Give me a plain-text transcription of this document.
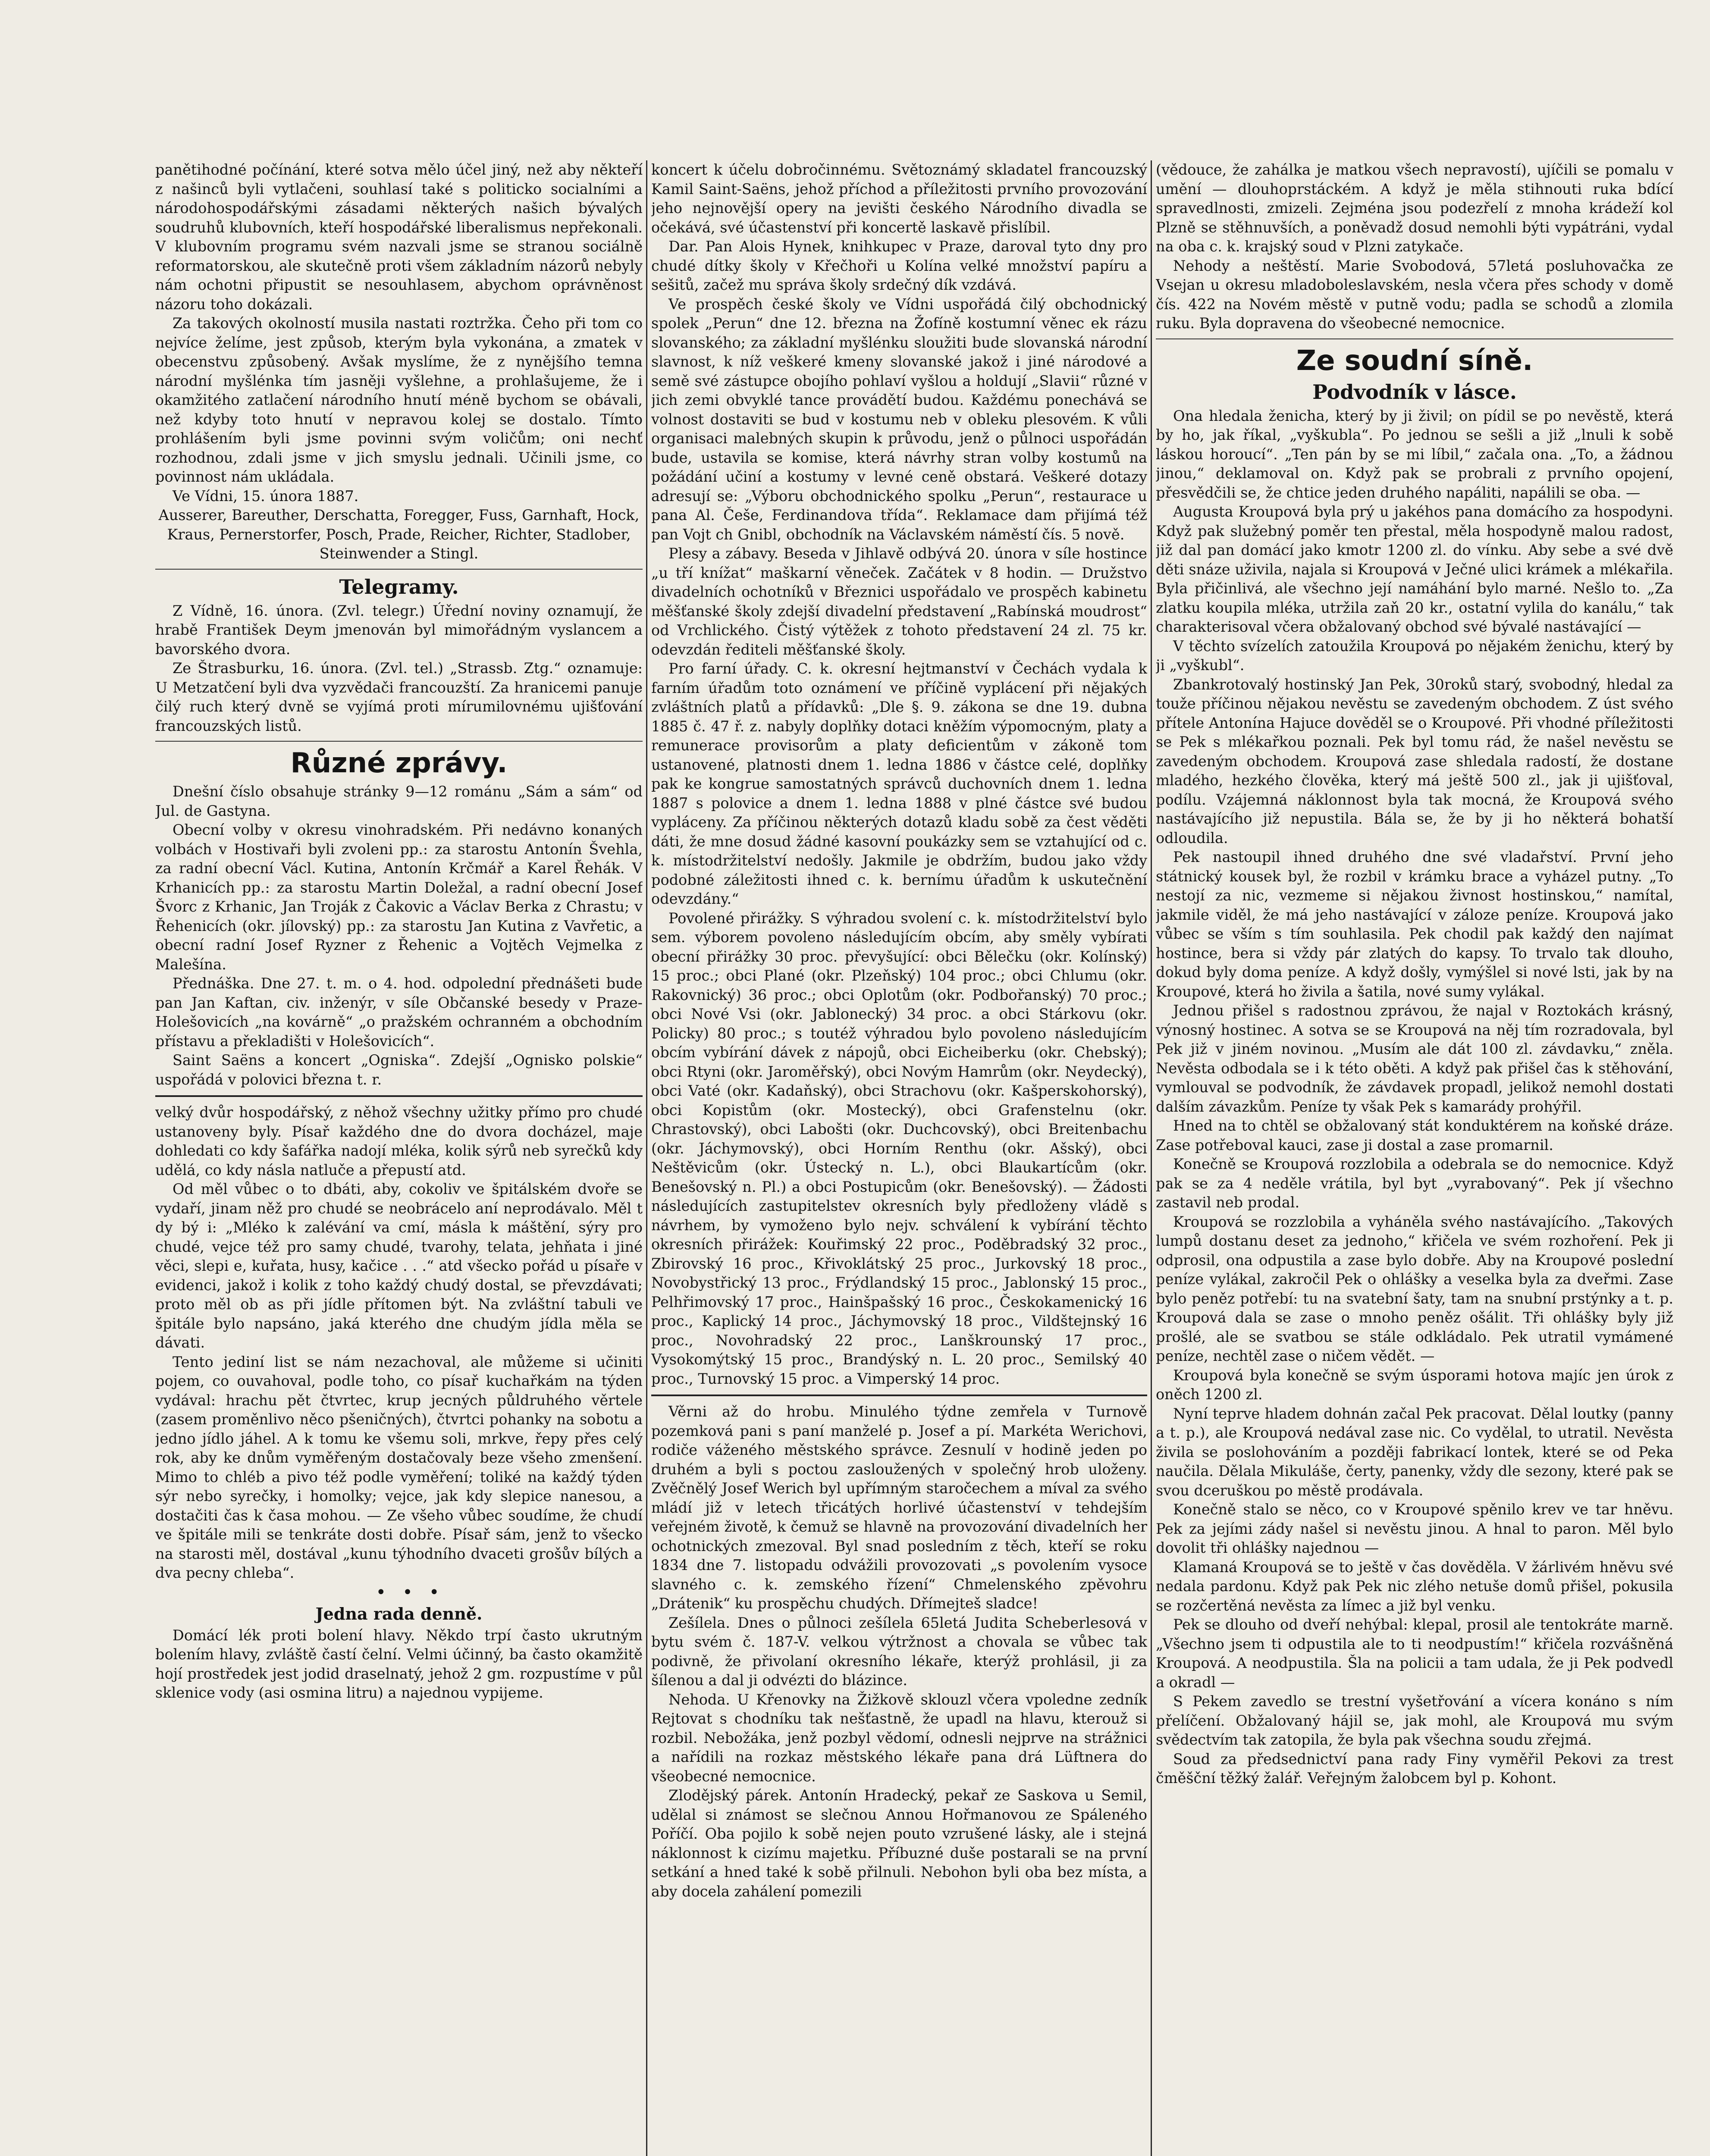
panětihodné počínání, které sotva mělo účel jiný, než aby někteří z našinců byli vytlačeni, souhlasí také s politicko socialními a národohospodářskými zásadami některých našich bývalých soudruhů klubovních, kteří hospodářské liberalismus nepřekonali. V klubovním programu svém nazvali jsme se stranou sociálně reformatorskou, ale skutečně proti všem základním názorů nebyly nám ochotni připustit se nesouhlasem, abychom oprávněnost názoru toho dokázali.

Za takových okolností musila nastati roztržka. Čeho při tom co nejvíce želíme, jest způsob, kterým byla vykonána, a zmatek v obecenstvu způsobený. Avšak myslíme, že z nynějšího temna národní myšlénka tím jasněji vyšlehne, a prohlašujeme, že i okamžitého zatlačení národního hnutí méně bychom se obávali, než kdyby toto hnutí v nepravou kolej se dostalo. Tímto prohlášením byli jsme povinni svým voličům; oni nechť rozhodnou, zdali jsme v jich smyslu jednali. Učinili jsme, co povinnost nám ukládala.

Ve Vídni, 15. února 1887.

Ausserer, Bareuther, Derschatta, Foregger, Fuss, Garnhaft, Hock, Kraus, Pernerstorfer, Posch, Prade, Reicher, Richter, Stadlober, Steinwender a Stingl.

Telegramy.

Z Vídně, 16. února. (Zvl. telegr.) Úřední noviny oznamují, že hrabě František Deym jmenován byl mimořádným vyslancem a bavorského dvora.

Ze Štrasburku, 16. února. (Zvl. tel.) „Strassb. Ztg.“ oznamuje: U Metzatčení byli dva vyzvědači francouzští. Za hranicemi panuje čilý ruch který dvně se vyjímá proti mírumilovnému ujišťování francouzských listů.

Různé zprávy.

Dnešní číslo obsahuje stránky 9—12 románu „Sám a sám“ od Jul. de Gastyna.

Obecní volby v okresu vinohradském. Při nedávno konaných volbách v Hostivaři byli zvoleni pp.: za starostu Antonín Švehla, za radní obecní Václ. Kutina, Antonín Krčmář a Karel Řehák. V Krhanicích pp.: za starostu Martin Doležal, a radní obecní Josef Švorc z Krhanic, Jan Troják z Čakovic a Václav Berka z Chrastu; v Řehenicích (okr. jílovský) pp.: za starostu Jan Kutina z Vavřetic, a obecní radní Josef Ryzner z Řehenic a Vojtěch Vejmelka z Malešína.

Přednáška. Dne 27. t. m. o 4. hod. odpolední přednášeti bude pan Jan Kaftan, civ. inženýr, v síle Občanské besedy v Praze-Holešovicích „na kovárně“ „o pražském ochranném a obchodním přístavu a překladišti v Holešovicích“.

Saint Saëns a koncert „Ogniska“. Zdejší „Ognisko polskie“ uspořádá v polovici března t. r.

velký dvůr hospodářský, z něhož všechny užitky přímo pro chudé ustanoveny byly. Písař každého dne do dvora docházel, maje dohledati co kdy šafářka nadojí mléka, kolik sýrů neb syrečků kdy udělá, co kdy násla natluče a přepustí atd.

Od měl vůbec o to dbáti, aby, cokoliv ve špitálském dvoře se vydaří, jinam něž pro chudé se neobrácelo aní neprodávalo. Měl t dy bý i: „Mléko k zalévání va cmí, másla k máštění, sýry pro chudé, vejce též pro samy chudé, tvarohy, telata, jehňata i jiné věci, slepi e, kuřata, husy, kačice . . .“ atd všecko pořád u písaře v evidenci, jakož i kolik z toho každý chudý dostal, se převzdávati; proto měl ob as při jídle přítomen být. Na zvláštní tabuli ve špitále bylo napsáno, jaká kterého dne chudým jídla měla se dávati.

Tento jediní list se nám nezachoval, ale můžeme si učiniti pojem, co ouvahoval, podle toho, co písař kuchařkám na týden vydával: hrachu pět čtvrtec, krup jecných půldruhého věrtele (zasem proměnlivo něco pšeničných), čtvrtci pohanky na sobotu a jedno jídlo jáhel. A k tomu ke všemu soli, mrkve, řepy přes celý rok, aby ke dnům vyměřeným dostačovaly beze všeho zmenšení. Mimo to chléb a pivo též podle vyměření; toliké na každý týden sýr nebo syrečky, i homolky; vejce, jak kdy slepice nanesou, a dostačiti čas k časa mohou. — Ze všeho vůbec soudíme, že chudí ve špitále mili se tenkráte dosti dobře. Písař sám, jenž to všecko na starosti měl, dostával „kunu týhodního dvaceti grošův bílých a dva pecny chleba“.

•   •   •

Jedna rada denně.

Domácí lék proti bolení hlavy. Někdo trpí často ukrutným bolením hlavy, zvláště častí čelní. Velmi účinný, ba často okamžitě hojí prostředek jest jodid draselnatý, jehož 2 gm. rozpustíme v půl sklenice vody (asi osmina litru) a najednou vypijeme.

koncert k účelu dobročinnému. Světoznámý skladatel francouzský Kamil Saint-Saëns, jehož příchod a příležitosti prvního provozování jeho nejnovější opery na jevišti českého Národního divadla se očekává, své účastenství při koncertě laskavě přislíbil.

Dar. Pan Alois Hynek, knihkupec v Praze, daroval tyto dny pro chudé dítky školy v Křečhoři u Kolína velké množství papíru a sešitů, začež mu správa školy srdečný dík vzdává.

Ve prospěch české školy ve Vídni uspořádá čilý obchodnický spolek „Perun“ dne 12. března na Žofíně kostumní věnec ek rázu slovanského; za základní myšlénku sloužiti bude slovanská národní slavnost, k níž veškeré kmeny slovanské jakož i jiné národové a semě své zástupce obojího pohlaví vyšlou a holdují „Slavii“ různé v jich zemi obvyklé tance provádětí budou. Každému ponechává se volnost dostaviti se bud v kostumu neb v obleku plesovém. K vůli organisaci malebných skupin k průvodu, jenž o půlnoci uspořádán bude, ustavila se komise, která návrhy stran volby kostumů na požádání učiní a kostumy v levné ceně obstará. Veškeré dotazy adresují se: „Výboru obchodnického spolku „Perun“, restaurace u pana Al. Češe, Ferdinandova třída“. Reklamace dam přijímá též pan Vojt ch Gnibl, obchodník na Václavském náměstí čís. 5 nově.

Plesy a zábavy. Beseda v Jihlavě odbývá 20. února v síle hostince „u tří knížat“ maškarní věneček. Začátek v 8 hodin. — Družstvo divadelních ochotníků v Březnici uspořádalo ve prospěch kabinetu měšťanské školy zdejší divadelní představení „Rabínská moudrost“ od Vrchlického. Čistý výtěžek z tohoto představení 24 zl. 75 kr. odevzdán řediteli měšťanské školy.

Pro farní úřady. C. k. okresní hejtmanství v Čechách vydala k farním úřadům toto oznámení ve příčině vyplácení při nějakých zvláštních platů a přídavků: „Dle §. 9. zákona se dne 19. dubna 1885 č. 47 ř. z. nabyly doplňky dotaci kněžím výpomocným, platy a remunerace provisorům a platy deficientům v zákoně tom ustanovené, platnosti dnem 1. ledna 1886 v částce celé, doplňky pak ke kongrue samostatných správců duchovních dnem 1. ledna 1887 s polovice a dnem 1. ledna 1888 v plné částce své budou vypláceny. Za příčinou některých dotazů kladu sobě za čest věděti dáti, že mne dosud žádné kasovní poukázky sem se vztahující od c. k. místodržitelství nedošly. Jakmile je obdržím, budou jako vždy podobné záležitosti ihned c. k. bernímu úřadům k uskutečnění odevzdány.“

Povolené přirážky. S výhradou svolení c. k. místodržitelství bylo sem. výborem povoleno následujícím obcím, aby směly vybírati obecní přirážky 30 proc. převyšující: obci Bělečku (okr. Kolínský) 15 proc.; obci Plané (okr. Plzeňský) 104 proc.; obci Chlumu (okr. Rakovnický) 36 proc.; obci Oplotům (okr. Podbořanský) 70 proc.; obci Nové Vsi (okr. Jablonecký) 34 proc. a obci Stárkovu (okr. Policky) 80 proc.; s toutéž výhradou bylo povoleno následujícím obcím vybírání dávek z nápojů, obci Eicheiberku (okr. Chebský); obci Rtyni (okr. Jaroměřský), obci Novým Hamrům (okr. Neydecký), obci Vaté (okr. Kadaňský), obci Strachovu (okr. Kašperskohorský), obci Kopistům (okr. Mostecký), obci Grafenstelnu (okr. Chrastovský), obci Labošti (okr. Duchcovský), obci Breitenbachu (okr. Jáchymovský), obci Horním Renthu (okr. Ašský), obci Neštěvicům (okr. Ústecký n. L.), obci Blaukartícům (okr. Benešovský n. Pl.) a obci Postupicům (okr. Benešovský). — Žádosti následujících zastupitelstev okresních byly předloženy vládě s návrhem, by vymoženo bylo nejv. schválení k vybírání těchto okresních přirážek: Kouřimský 22 proc., Poděbradský 32 proc., Zbirovský 16 proc., Křivoklátský 25 proc., Jurkovský 18 proc., Novobystřický 13 proc., Frýdlandský 15 proc., Jablonský 15 proc., Pelhřimovský 17 proc., Hainšpašský 16 proc., Českokamenický 16 proc., Kaplický 14 proc., Jáchymovský 18 proc., Vildštejnský 16 proc., Novohradský 22 proc., Lanškrounský 17 proc., Vysokomýtský 15 proc., Brandýský n. L. 20 proc., Semilský 40 proc., Turnovský 15 proc. a Vimperský 14 proc.

Věrni až do hrobu. Minulého týdne zemřela v Turnově pozemková pani s paní manželé p. Josef a pí. Markéta Werichovi, rodiče váženého městského správce. Zesnulí v hodině jeden po druhém a byli s poctou zasloužených v společný hrob uloženy. Zvěčnělý Josef Werich byl upřímným staročechem a míval za svého mládí již v letech třicátých horlivé účastenství v tehdejším veřejném životě, k čemuž se hlavně na provozování divadelních her ochotnických zmezoval. Byl snad posledním z těch, kteří se roku 1834 dne 7. listopadu odvážili provozovati „s povolením vysoce slavného c. k. zemského řízení“ Chmelenského zpěvohru „Drátenik“ ku prospěchu chudých. Dřímejteš sladce!

Zešílela. Dnes o půlnoci zešílela 65letá Judita Scheberlesová v bytu svém č. 187-V. velkou výtržnost a chovala se vůbec tak podivně, že přivolaní okresního lékaře, kterýž prohlásil, ji za šílenou a dal ji odvézti do blázince.

Nehoda. U Křenovky na Žižkově sklouzl včera vpoledne zedník Rejtovat s chodníku tak nešťastně, že upadl na hlavu, kterouž si rozbil. Nebožáka, jenž pozbyl vědomí, odnesli nejprve na strážnici a nařídili na rozkaz městského lékaře pana drá Lüftnera do všeobecné nemocnice.

Zlodějský párek. Antonín Hradecký, pekař ze Saskova u Semil, udělal si známost se slečnou Annou Hořmanovou ze Spáleného Poříčí. Oba pojilo k sobě nejen pouto vzrušené lásky, ale i stejná náklonnost k cizímu majetku. Příbuzné duše postarali se na první setkání a hned také k sobě přilnuli. Nebohon byli oba bez místa, a aby docela zahálení pomezili

(vědouce, že zahálka je matkou všech nepravostí), ujíčili se pomalu v umění — dlouhoprstáckém. A když je měla stihnouti ruka bdící spravedlnosti, zmizeli. Zejména jsou podezřelí z mnoha krádeží kol Plzně se stěhnuvších, a poněvadž dosud nemohli býti vypátráni, vydal na oba c. k. krajský soud v Plzni zatykače.

Nehody a neštěstí. Marie Svobodová, 57letá posluhovačka ze Vsejan u okresu mladoboleslavském, nesla včera přes schody v domě čís. 422 na Novém městě v putně vodu; padla se schodů a zlomila ruku. Byla dopravena do všeobecné nemocnice.

Ze soudní síně.
Podvodník v lásce.

Ona hledala ženicha, který by ji živil; on pídil se po nevěstě, která by ho, jak říkal, „vyškubla“. Po jednou se sešli a již „lnuli k sobě láskou horoucí“. „Ten pán by se mi líbil,“ začala ona. „To, a žádnou jinou,“ deklamoval on. Když pak se probrali z prvního opojení, přesvědčili se, že chtice jeden druhého napáliti, napálili se oba. —

Augusta Kroupová byla prý u jakéhos pana domácího za hospodyni. Když pak služebný poměr ten přestal, měla hospodyně malou radost, již dal pan domácí jako kmotr 1200 zl. do vínku. Aby sebe a své dvě děti snáze uživila, najala si Kroupová v Ječné ulici krámek a mlékařila. Byla přičinlivá, ale všechno její namáhání bylo marné. Nešlo to. „Za zlatku koupila mléka, utržila zaň 20 kr., ostatní vylila do kanálu,“ tak charakterisoval včera obžalovaný obchod své bývalé nastávající —

V těchto svízelích zatoužila Kroupová po nějakém ženichu, který by ji „vyškubl“.

Zbankrotovalý hostinský Jan Pek, 30roků starý, svobodný, hledal za touže příčinou nějakou nevěstu se zavedeným obchodem. Z úst svého přítele Antonína Hajuce dověděl se o Kroupové. Při vhodné příležitosti se Pek s mlékařkou poznali. Pek byl tomu rád, že našel nevěstu se zavedeným obchodem. Kroupová zase shledala radostí, že dostane mladého, hezkého člověka, který má ještě 500 zl., jak ji ujišťoval, podílu. Vzájemná náklonnost byla tak mocná, že Kroupová svého nastávajícího již nepustila. Bála se, že by ji ho některá bohatší odloudila.

Pek nastoupil ihned druhého dne své vladařství. První jeho státnický kousek byl, že rozbil v krámku brace a vyházel putny. „To nestojí za nic, vezmeme si nějakou živnost hostinskou,“ namítal, jakmile viděl, že má jeho nastávající v záloze peníze. Kroupová jako vůbec se vším s tím souhlasila. Pek chodil pak každý den najímat hostince, bera si vždy pár zlatých do kapsy. To trvalo tak dlouho, dokud byly doma peníze. A když došly, vymýšlel si nové lsti, jak by na Kroupové, která ho živila a šatila, nové sumy vylákal.

Jednou přišel s radostnou zprávou, že najal v Roztokách krásný, výnosný hostinec. A sotva se se Kroupová na něj tím rozradovala, byl Pek již v jiném novinou. „Musím ale dát 100 zl. závdavku,“ zněla. Nevěsta odbodala se i k této oběti. A když pak přišel čas k stěhování, vymlouval se podvodník, že závdavek propadl, jelikož nemohl dostati dalším závazkům. Peníze ty však Pek s kamarády prohýřil.

Hned na to chtěl se obžalovaný stát konduktérem na koňské dráze. Zase potřeboval kauci, zase ji dostal a zase promarnil.

Konečně se Kroupová rozzlobila a odebrala se do nemocnice. Když pak se za 4 neděle vrátila, byl byt „vyrabovaný“. Pek jí všechno zastavil neb prodal.

Kroupová se rozzlobila a vyháněla svého nastávajícího. „Takových lumpů dostanu deset za jednoho,“ křičela ve svém rozhoření. Pek ji odprosil, ona odpustila a zase bylo dobře. Aby na Kroupové poslední peníze vylákal, zakročil Pek o ohlášky a veselka byla za dveřmi. Zase bylo peněz potřebí: tu na svatební šaty, tam na snubní prstýnky a t. p. Kroupová dala se zase o mnoho peněz ošálit. Tři ohlášky byly již prošlé, ale se svatbou se stále odkládalo. Pek utratil vymámené peníze, nechtěl zase o ničem vědět. —

Kroupová byla konečně se svým úsporami hotova majíc jen úrok z oněch 1200 zl.

Nyní teprve hladem dohnán začal Pek pracovat. Dělal loutky (panny a t. p.), ale Kroupová nedával zase nic. Co vydělal, to utratil. Nevěsta živila se poslohováním a později fabrikací lontek, které se od Peka naučila. Dělala Mikuláše, čerty, panenky, vždy dle sezony, které pak se svou dceruškou po městě prodávala.

Konečně stalo se něco, co v Kroupové spěnilo krev ve tar hněvu. Pek za jejími zády našel si nevěstu jinou. A hnal to paron. Měl bylo dovolit tři ohlášky najednou —

Klamaná Kroupová se to ještě v čas dověděla. V žárlivém hněvu své nedala pardonu. Když pak Pek nic zlého netuše domů přišel, pokusila se rozčertěná nevěsta za límec a již byl venku.

Pek se dlouho od dveří nehýbal: klepal, prosil ale tentokráte marně. „Všechno jsem ti odpustila ale to ti neodpustím!“ křičela rozvášněná Kroupová. A neodpustila. Šla na policii a tam udala, že ji Pek podvedl a okradl —

S Pekem zavedlo se trestní vyšetřování a vícera konáno s ním přelíčení. Obžalovaný hájil se, jak mohl, ale Kroupová mu svým svědectvím tak zatopila, že byla pak všechna soudu zřejmá.

Soud za předsednictví pana rady Finy vyměřil Pekovi za trest čměšční těžký žalář. Veřejným žalobcem byl p. Kohont.
